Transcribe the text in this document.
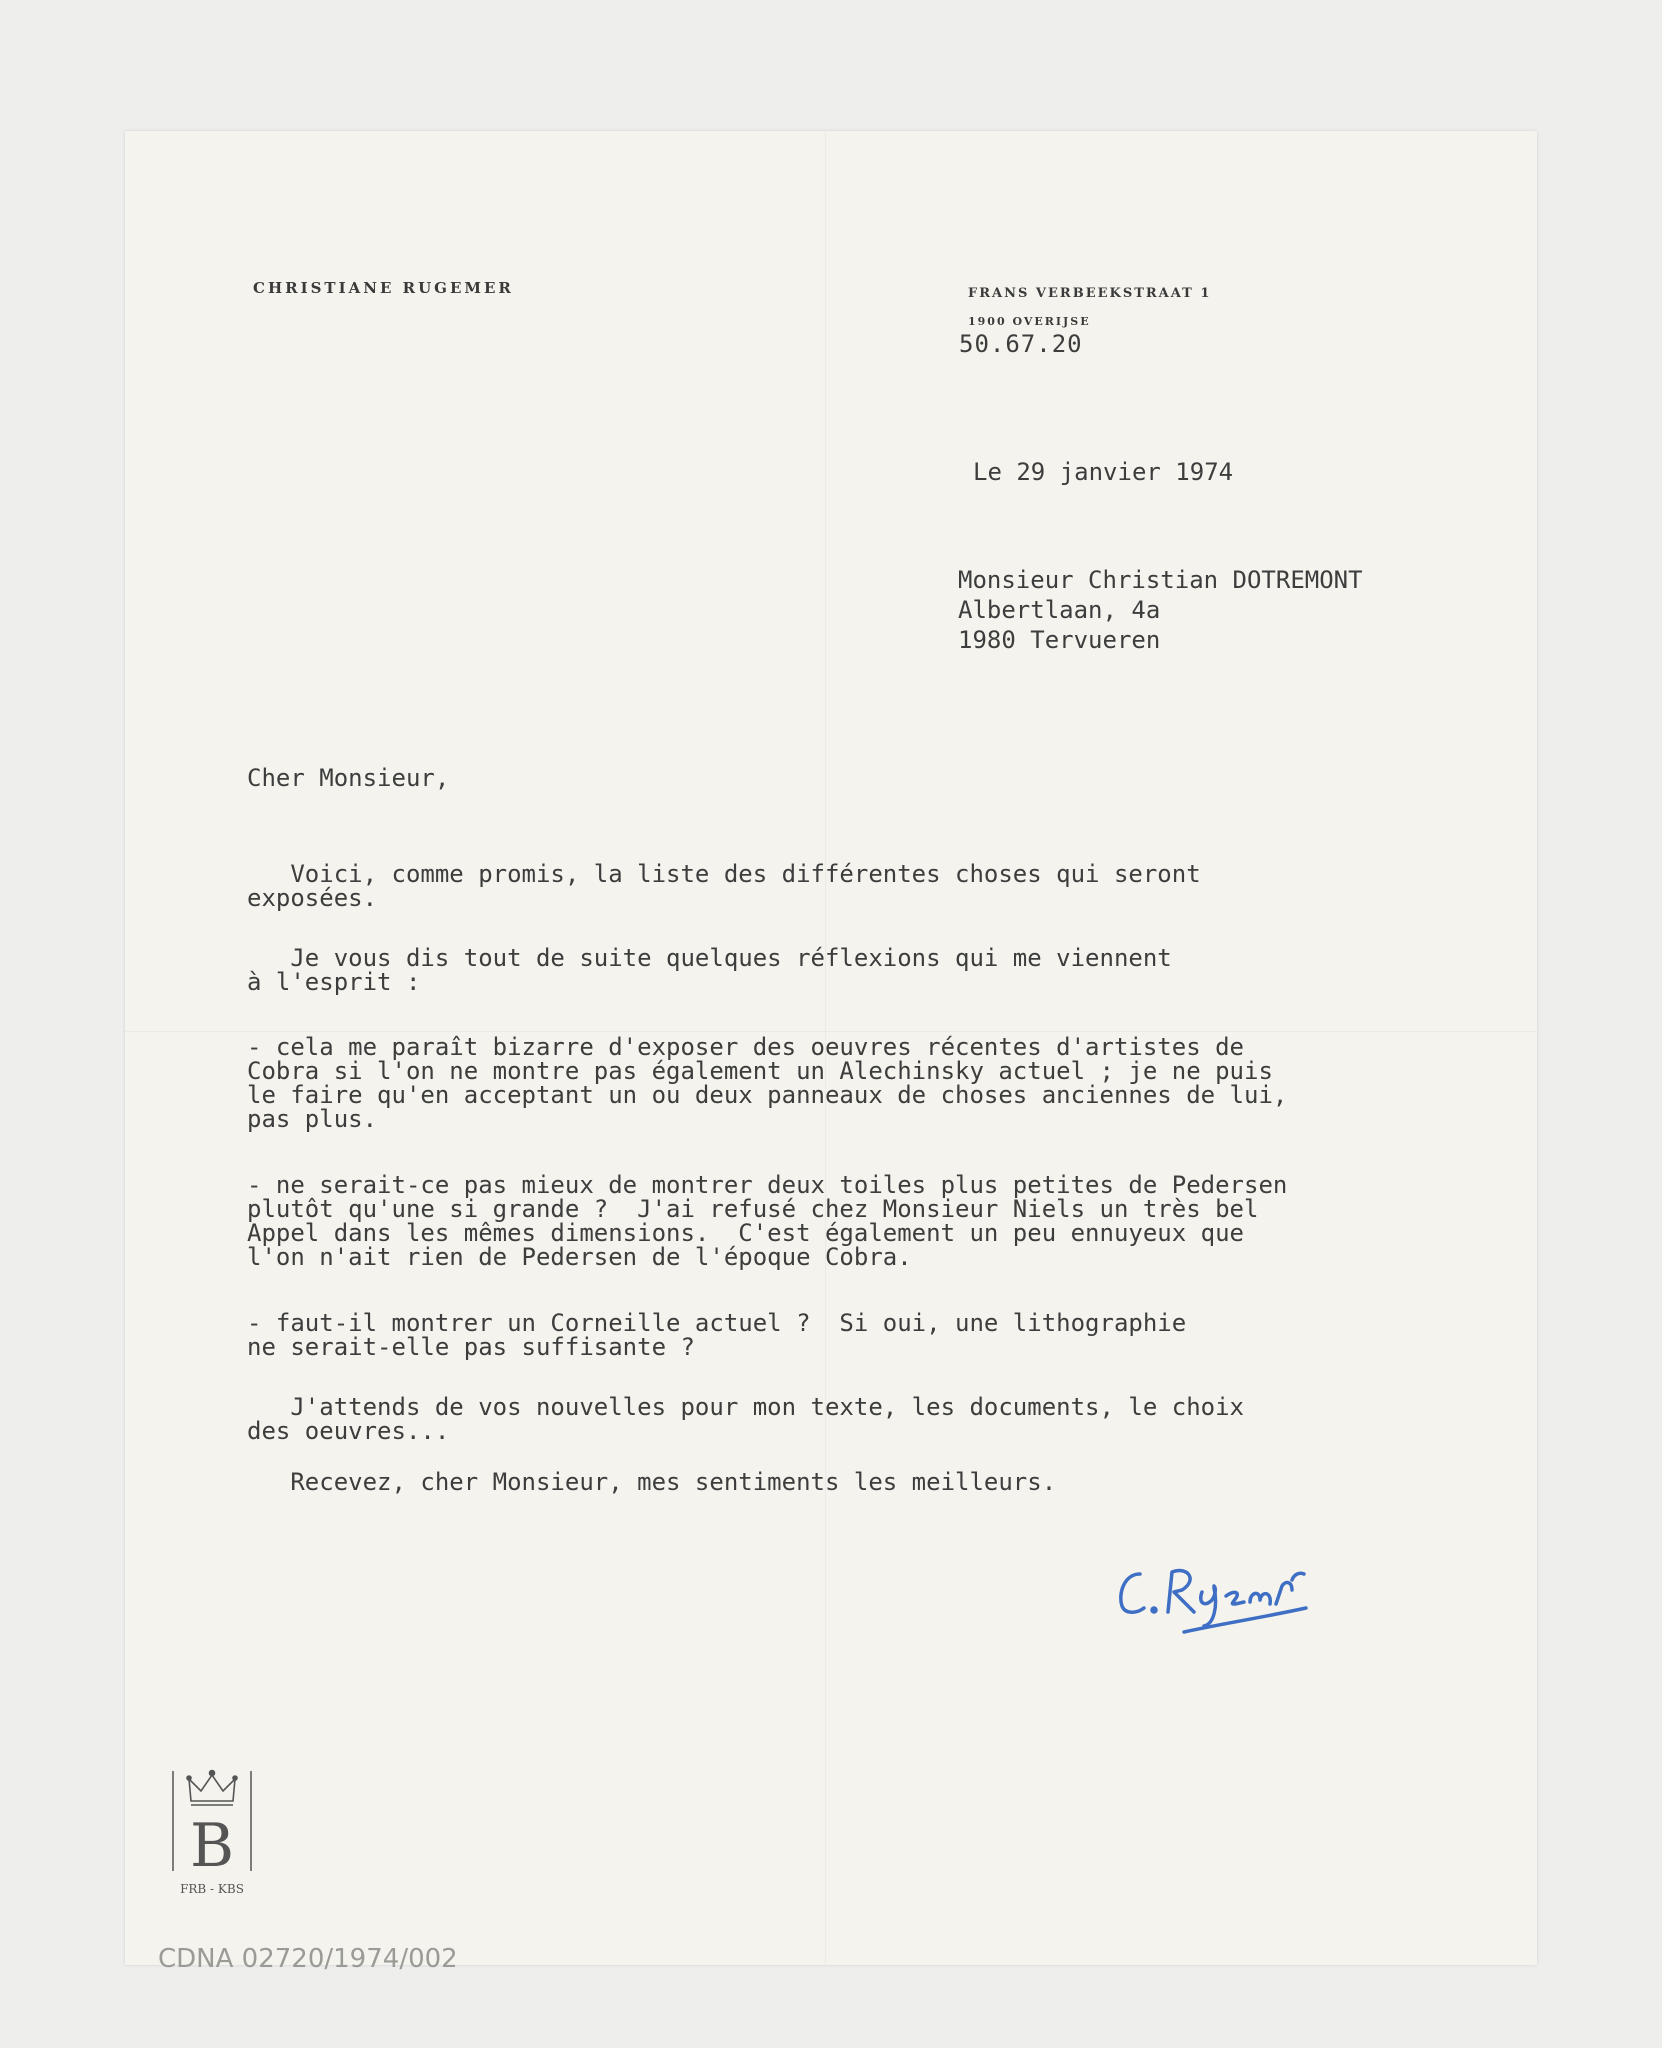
CHRISTIANE RUGEMER	FRANS VERBEEKSTRAAT 1
1900 OVERIJSE
50.67.20
Le 29 janvier 1974
Monsieur Christian DOTREMONT
Albertlaan, 4a
1980 Tervueren
Cher Monsieur,
Voici, comme promis, la liste des différentes choses qui seront
exposées.
Je vous dis tout de suite quelques réflexions qui me viennent
à l'esprit :
- cela me paraît bizarre d'exposer des oeuvres récentes d'artistes de
Cobra si l'on ne montre pas également un Alechinsky actuel ; je ne puis
le faire qu'en acceptant un ou deux panneaux de choses anciennes de lui,
pas plus.
- ne serait-ce pas mieux de montrer deux toiles plus petites de Pedersen
plutôt qu'une si grande ?  J'ai refusé chez Monsieur Niels un très bel
Appel dans les mêmes dimensions.  C'est également un peu ennuyeux que
l'on n'ait rien de Pedersen de l'époque Cobra.
- faut-il montrer un Corneille actuel ?  Si oui, une lithographie
ne serait-elle pas suffisante ?
J'attends de vos nouvelles pour mon texte, les documents, le choix
des oeuvres...
Recevez, cher Monsieur, mes sentiments les meilleurs.
C.Rugemer
B
FRB - KBS
CDNA 02720/1974/002
